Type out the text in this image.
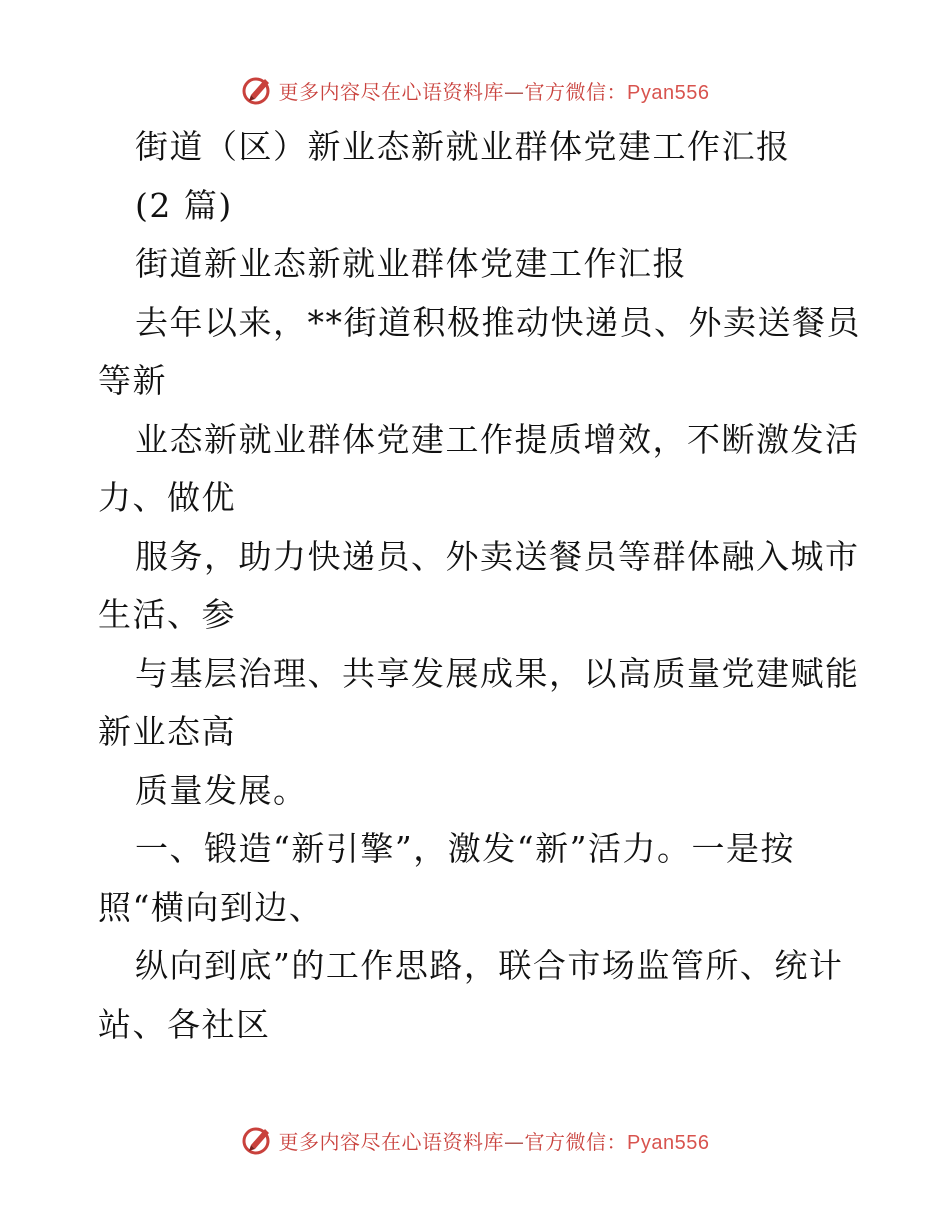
更多内容尽在心语资料库—官方微信：Pyan556
街道（区）新业态新就业群体党建工作汇报
(2 篇)
街道新业态新就业群体党建工作汇报
去年以来，**街道积极推动快递员、外卖送餐员
等新
业态新就业群体党建工作提质增效，不断激发活
力、做优
服务，助力快递员、外卖送餐员等群体融入城市
生活、参
与基层治理、共享发展成果，以高质量党建赋能
新业态高
质量发展。
一、锻造“新引擎”，激发“新”活力。一是按
照“横向到边、
纵向到底”的工作思路，联合市场监管所、统计
站、各社区
更多内容尽在心语资料库—官方微信：Pyan556
